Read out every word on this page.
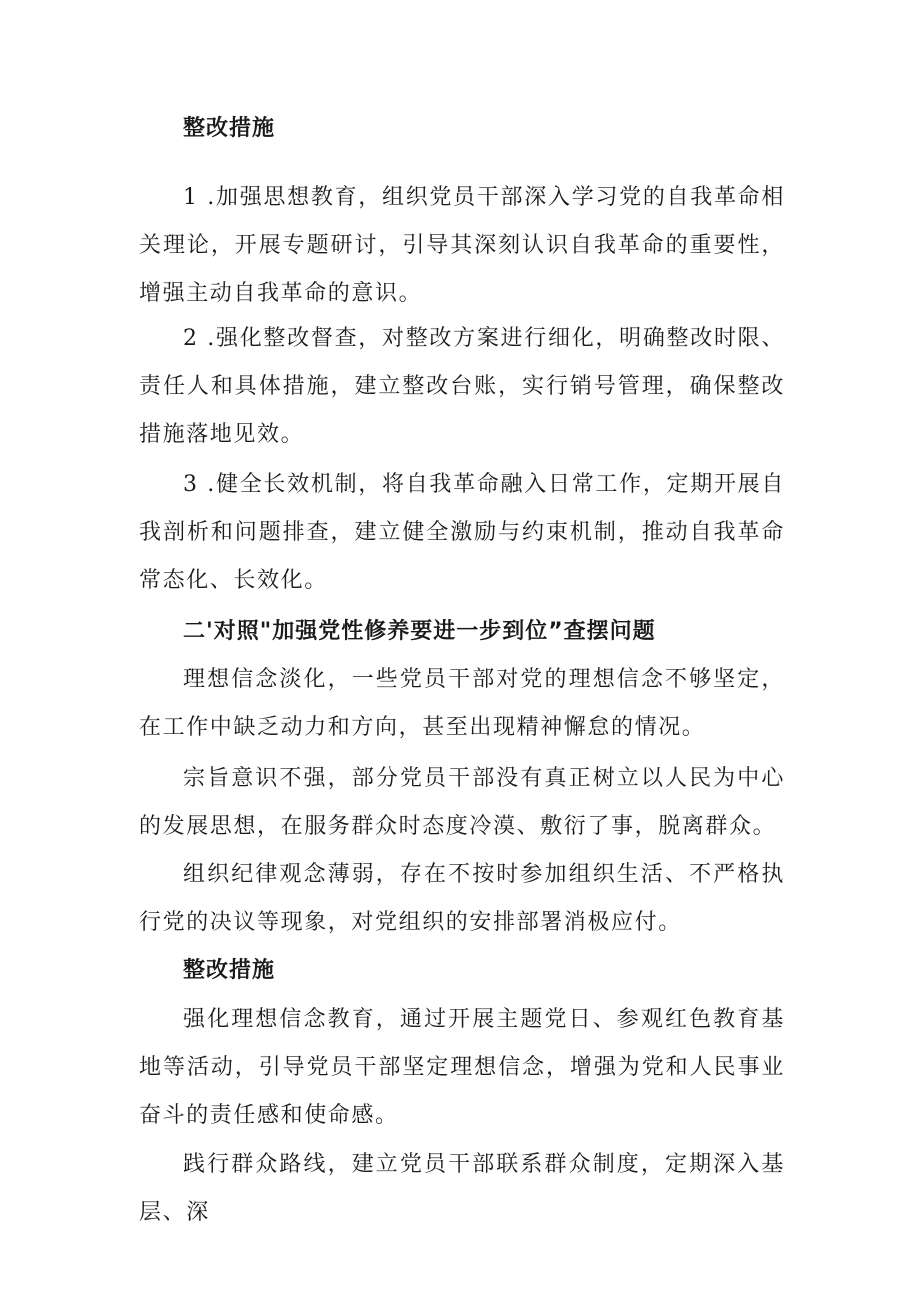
整改措施

1 .加强思想教育，组织党员干部深入学习党的自我革命相关理论，开展专题研讨，引导其深刻认识自我革命的重要性，增强主动自我革命的意识。

2 .强化整改督查，对整改方案进行细化，明确整改时限、责任人和具体措施，建立整改台账，实行销号管理，确保整改措施落地见效。

3 .健全长效机制，将自我革命融入日常工作，定期开展自我剖析和问题排查，建立健全激励与约束机制，推动自我革命常态化、长效化。

二'对照"加强党性修养要进一步到位”查摆问题

理想信念淡化，一些党员干部对党的理想信念不够坚定，在工作中缺乏动力和方向，甚至出现精神懈怠的情况。

宗旨意识不强，部分党员干部没有真正树立以人民为中心的发展思想，在服务群众时态度冷漠、敷衍了事，脱离群众。

组织纪律观念薄弱，存在不按时参加组织生活、不严格执行党的决议等现象，对党组织的安排部署消极应付。

整改措施

强化理想信念教育，通过开展主题党日、参观红色教育基地等活动，引导党员干部坚定理想信念，增强为党和人民事业奋斗的责任感和使命感。

践行群众路线，建立党员干部联系群众制度，定期深入基层、深
